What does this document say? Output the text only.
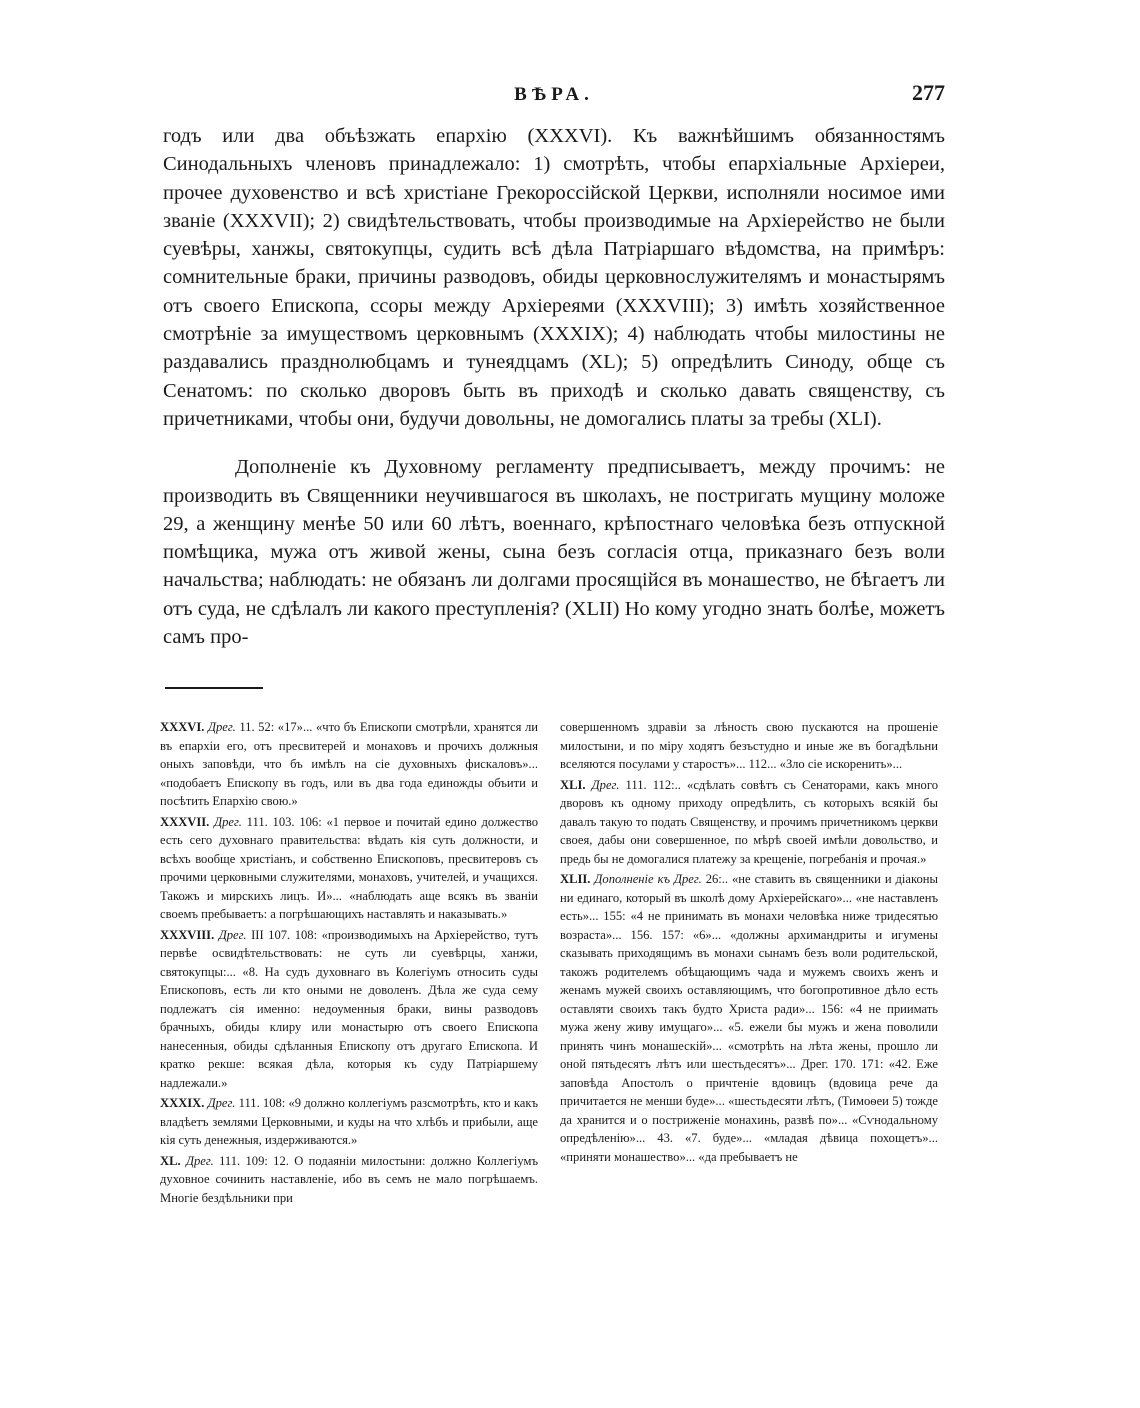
ВѢРА.	277

годъ или два объѣзжать епархію (XXXVI). Къ важнѣйшимъ обязанностямъ Синодальныхъ членовъ принадлежало: 1) смотрѣть, чтобы епархіальные Архіереи, прочее духовенство и всѣ христіане Грекороссійской Церкви, исполняли носимое ими званіе (XXXVII); 2) свидѣтельствовать, чтобы производимые на Архіерейство не были суевѣры, ханжы, святокупцы, судить всѣ дѣла Патріаршаго вѣдомства, на примѣръ: сомнительные браки, причины разводовъ, обиды церковнослужителямъ и монастырямъ отъ своего Епископа, ссоры между Архіереями (XXXVIII); 3) имѣть хозяйственное смотрѣніе за имуществомъ церковнымъ (XXXIX); 4) наблюдать чтобы милостины не раздавались празднолюбцамъ и тунеядцамъ (XL); 5) опредѣлить Синоду, обще съ Сенатомъ: по сколько дворовъ быть въ приходѣ и сколько давать священству, съ причетниками, чтобы они, будучи довольны, не домогались платы за требы (XLI).

Дополненіе къ Духовному регламенту предписываетъ, между прочимъ: не производить въ Священники неучившагося въ школахъ, не постригать мущину моложе 29, а женщину менѣе 50 или 60 лѣтъ, военнаго, крѣпостнаго человѣка безъ отпускной помѣщика, мужа отъ живой жены, сына безъ согласія отца, приказнаго безъ воли начальства; наблюдать: не обязанъ ли долгами просящійся въ монашество, не бѣгаетъ ли отъ суда, не сдѣлалъ ли какого преступленія? (XLII) Но кому угодно знать болѣе, можетъ самъ про-

XXXVI. Дрег. 11. 52: «17»... «что бъ Епископи смотрѣли, хранятся ли въ епархіи его, отъ пресвитерей и монаховъ и прочихъ должныя оныхъ заповѣди, что бъ имѣлъ на сіе духовныхъ фискаловъ»... «подобаетъ Епископу въ годъ, или въ два года единожды объити и посѣтить Епархію свою.»

XXXVII. Дрег. 111. 103. 106: «1 первое и почитай едино должество есть сего духовнаго правительства: вѣдать кія суть должности, и всѣхъ вообще христіанъ, и собственно Епископовъ, пресвитеровъ съ прочими церковными служителями, монаховъ, учителей, и учащихся. Такожъ и мирскихъ лицъ. И»... «наблюдать аще всякъ въ званіи своемъ пребываетъ: а погрѣшающихъ наставлять и наказывать.»

XXXVIII. Дрег. III 107. 108: «производимыхъ на Архіерейство, тутъ первѣе освидѣтельствовать: не суть ли суевѣрцы, ханжи, святокупцы:... «8. На судъ духовнаго въ Колегіумъ относить суды Епископовъ, есть ли кто оными не доволенъ. Дѣла же суда сему подлежатъ сія именно: недоуменныя браки, вины разводовъ брачныхъ, обиды клиру или монастырю отъ своего Епископа нанесенныя, обиды сдѣланныя Епископу отъ другаго Епископа. И кратко рекше: всякая дѣла, которыя къ суду Патріаршему надлежали.»

XXXIX. Дрег. 111. 108: «9 должно коллегіумъ разсмотрѣть, кто и какъ владѣетъ землями Церковными, и куды на что хлѣбъ и прибыли, аще кія суть денежныя, издерживаются.»

XL. Дрег. 111. 109: 12. О подаяніи милостыни: должно Коллегіумъ духовное сочинить наставленіе, ибо въ семъ не мало погрѣшаемъ. Многіе бездѣльники при

совершенномъ здравіи за лѣность свою пускаются на прошеніе милостыни, и по міру ходятъ безъстудно и иные же въ богадѣльни вселяются посулами у старостъ»... 112... «Зло сіе искоренить»...

XLI. Дрег. 111. 112:.. «сдѣлать совѣтъ съ Сенаторами, какъ много дворовъ къ одному приходу опредѣлить, съ которыхъ всякій бы давалъ такую то подать Священству, и прочимъ причетникомъ церкви своея, дабы они совершенное, по мѣрѣ своей имѣли довольство, и предь бы не домогалися платежу за крещеніе, погребанія и прочая.»

XLII. Дополненіе къ Дрег. 26:.. «не ставить въ священники и діаконы ни единаго, который въ школѣ дому Архіерейскаго»... «не наставленъ есть»... 155: «4 не принимать въ монахи человѣка ниже тридесятью возраста»... 156. 157: «6»... «должны архимандриты и игумены сказывать приходящимъ въ монахи сынамъ безъ воли родительской, такожъ родителемъ обѣщающимъ чада и мужемъ своихъ женъ и женамъ мужей своихъ оставляющимъ, что богопротивное дѣло есть оставляти своихъ такъ будто Христа ради»... 156: «4 не приимать мужа жену живу имущаго»... «5. ежели бы мужъ и жена поволили принять чинъ монашескій»... «смотрѣть на лѣта жены, прошло ли оной пятьдесятъ лѣтъ или шестьдесятъ»... Дрег. 170. 171: «42. Еже заповѣда Апостолъ о причтеніе вдовицъ (вдовица рече да причитается не менши буде»... «шестьдесяти лѣтъ, (Тимоѳеи 5) тожде да хранится и о постриженіе монахинь, развѣ по»... «Сѵнодальному опредѣленію»... 43. «7. буде»... «младая дѣвица похощетъ»... «приняти монашество»... «да пребываетъ не
